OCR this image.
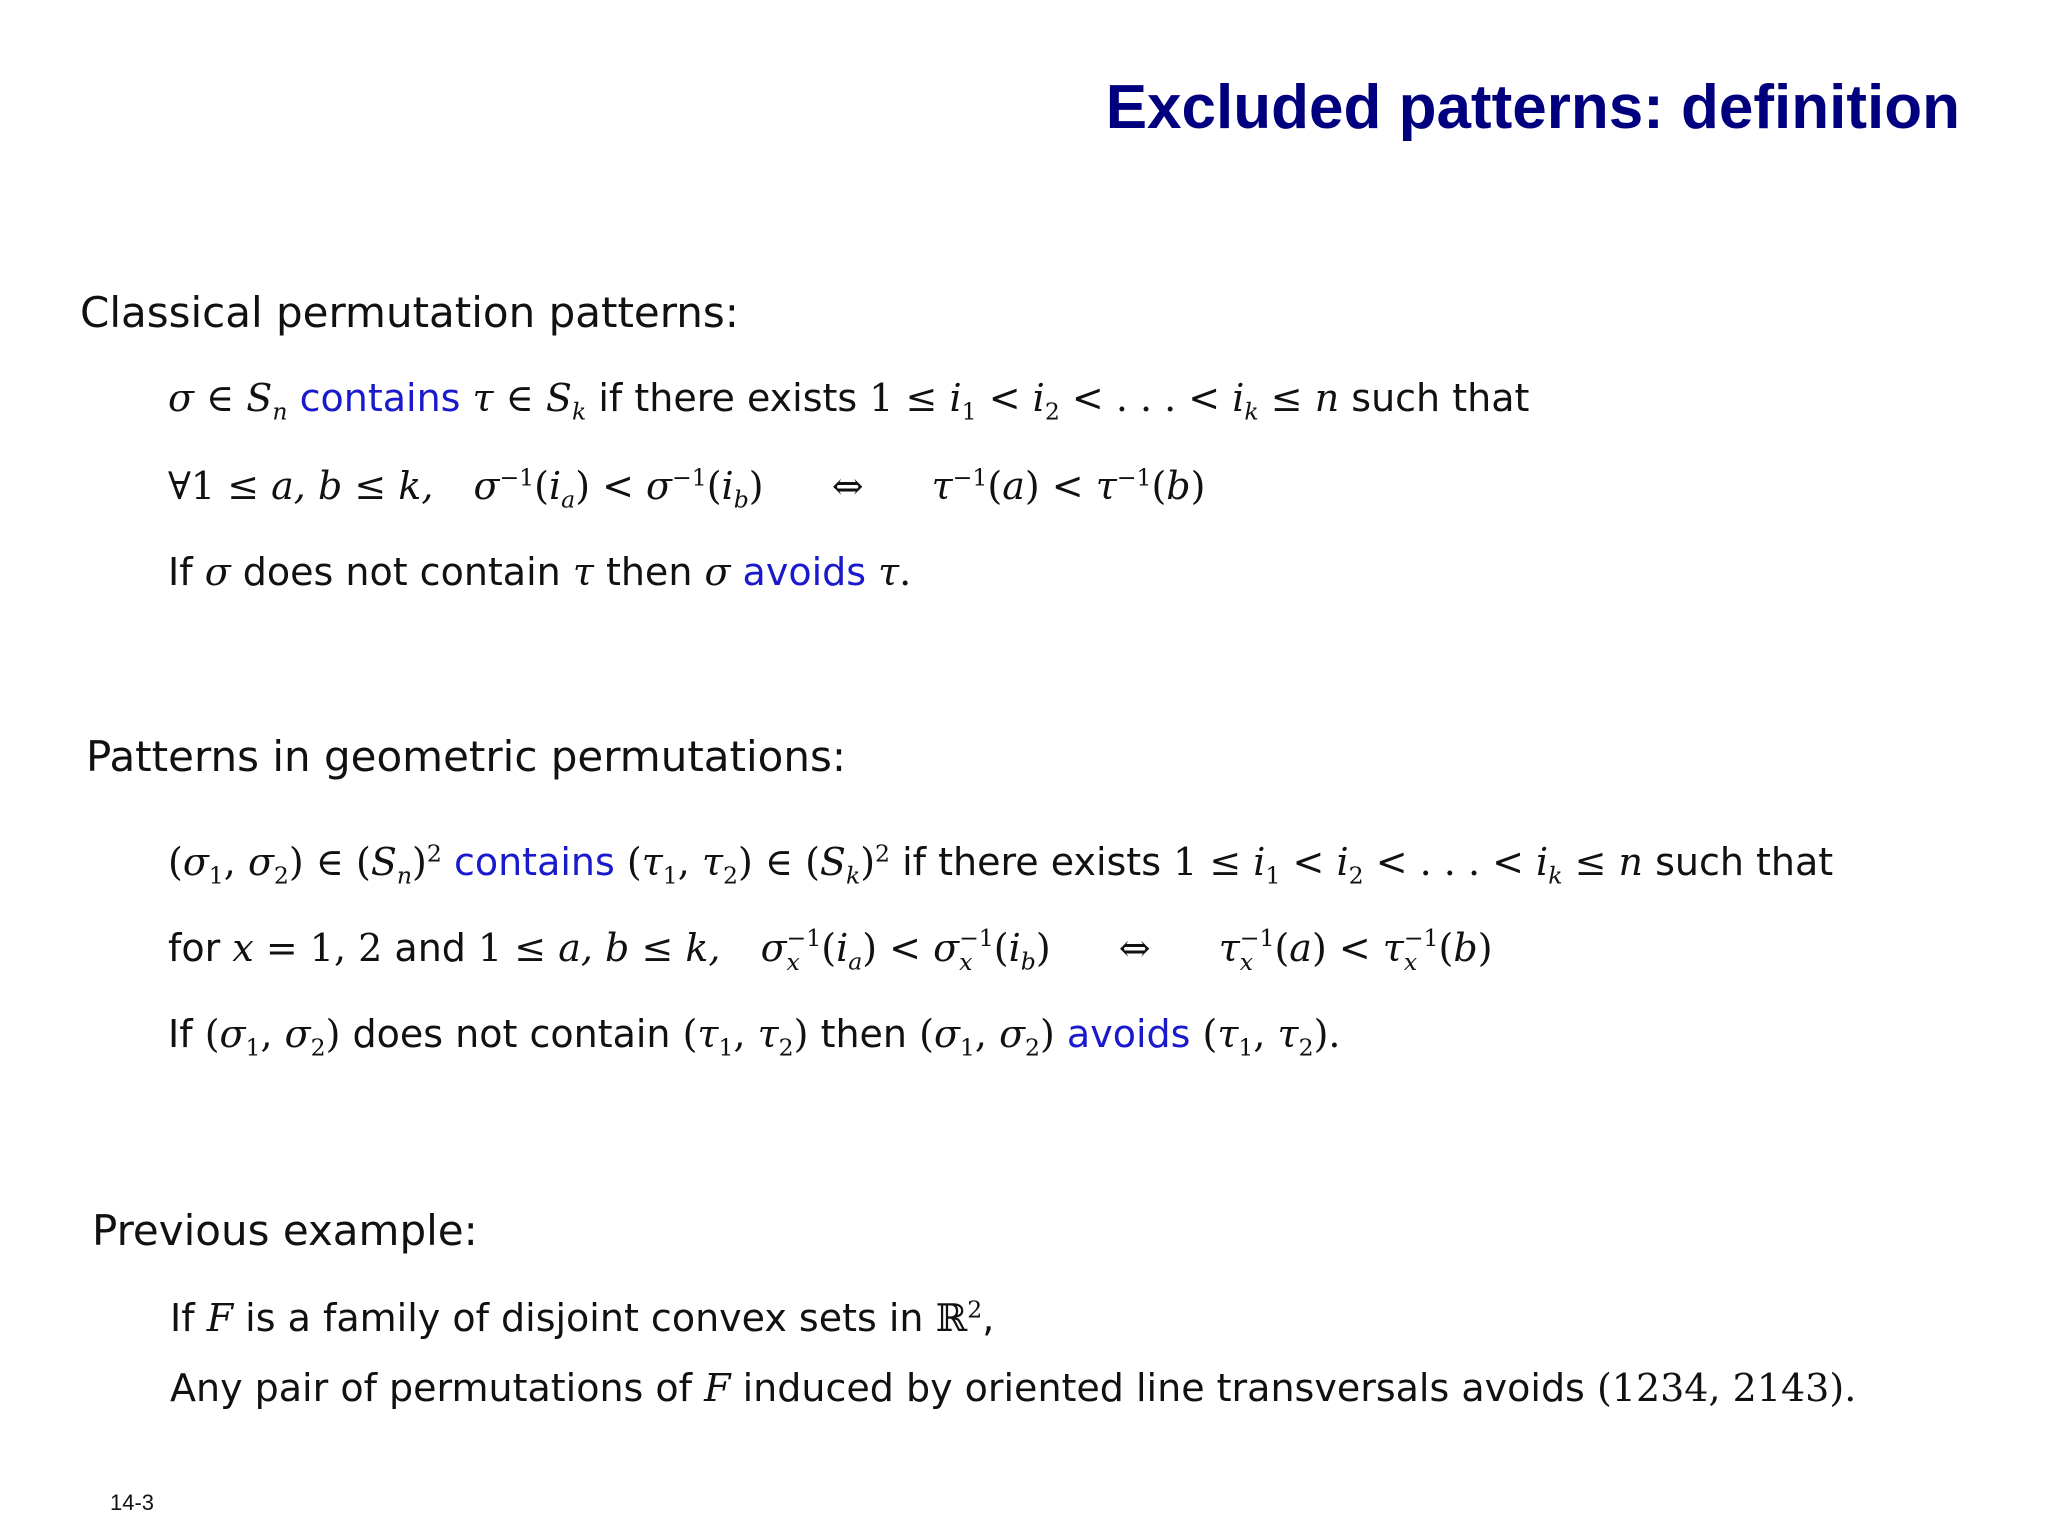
Excluded patterns: definition
Classical permutation patterns:
σ ∈ $S_n$ contains τ ∈ $S_k$ if there exists $1 \le i_1 < i_2$ < . . . < $i_k \le n$ such that
∀1 ≤ a, b ≤ k, $\sigma^{-1}(i_a) < \sigma^{-1}(i_b)$ ⇔ $\tau^{-1}(a) < \tau^{-1}(b)$
If σ does not contain τ then σ avoids τ.
Patterns in geometric permutations:
($\sigma_1$, $\sigma_2$) ∈ $(S_n)^2$ contains ($\tau_1$, $\tau_2$) ∈ $(S_k)^2$ if there exists $1 \le i_1 < i_2$ < . . . < $i_k \le n$ such that
for x = 1, 2 and 1 ≤ a, b ≤ k, σ −1
x $(i_a) < \sigma -1$
x $(i_b)$ ⇔ τ −1
x (a) < τ −1
x (b)
If ($\sigma_1$, $\sigma_2$) does not contain ($\tau_1$, $\tau_2$) then ($\sigma_1$, $\sigma_2$) avoids ($\tau_1$, $\tau_2$).
Previous example:
If F is a family of disjoint convex sets in ℝ$^2$,
Any pair of permutations of F induced by oriented line transversals avoids (1234, 2143).
14-3
